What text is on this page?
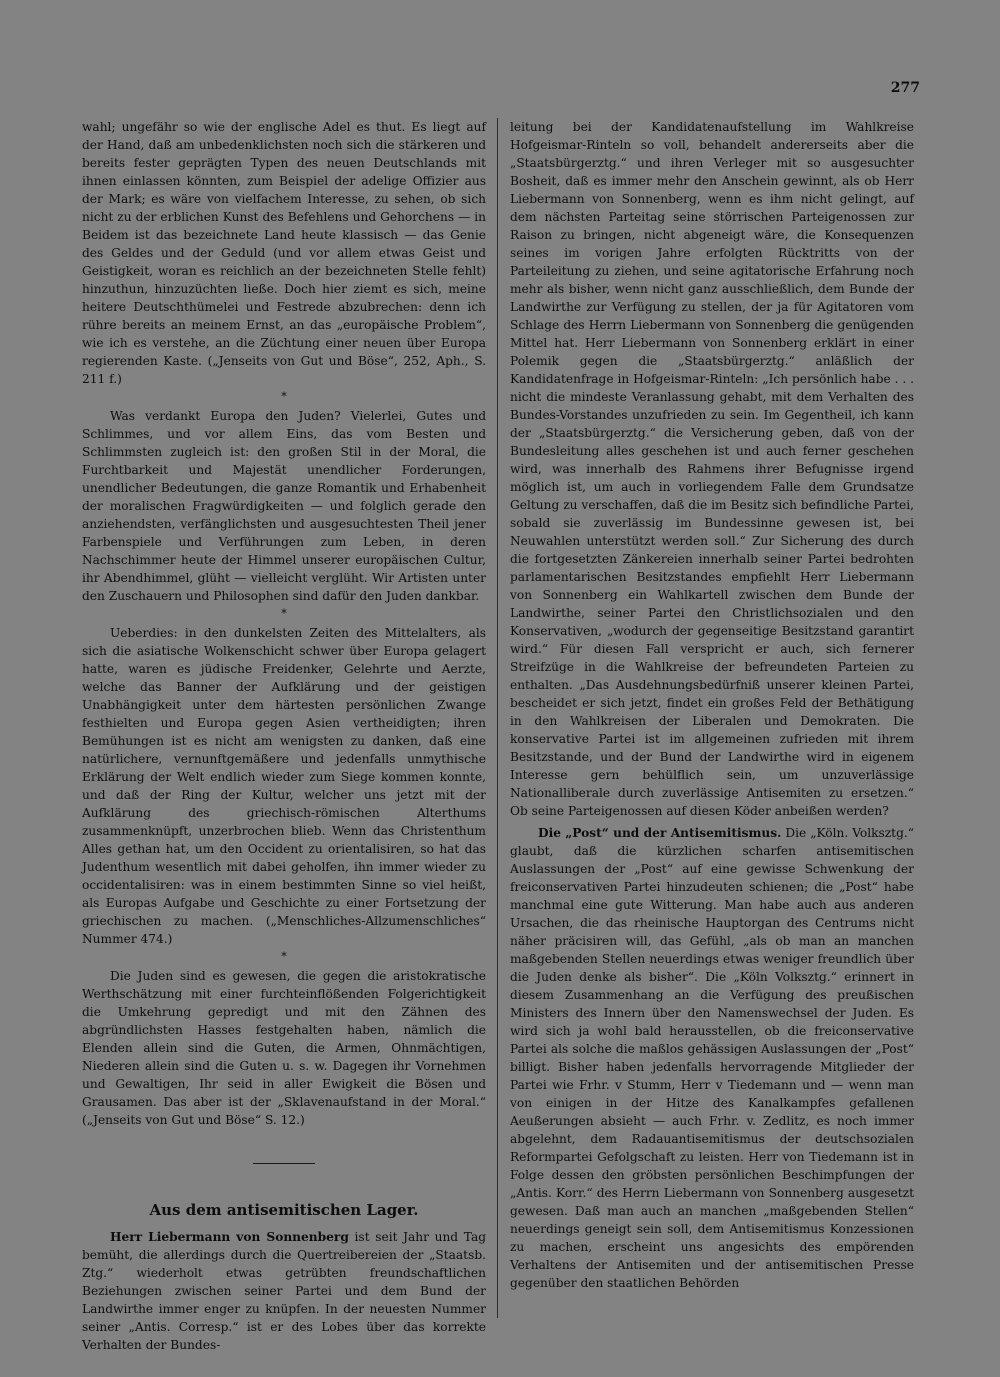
277

wahl; ungefähr so wie der englische Adel es thut. Es liegt auf der Hand, daß am unbedenklichsten noch sich die stärkeren und bereits fester geprägten Typen des neuen Deutschlands mit ihnen einlassen könnten, zum Beispiel der adelige Offizier aus der Mark; es wäre von vielfachem Interesse, zu sehen, ob sich nicht zu der erblichen Kunst des Befehlens und Gehorchens — in Beidem ist das bezeichnete Land heute klassisch — das Genie des Geldes und der Geduld (und vor allem etwas Geist und Geistigkeit, woran es reichlich an der bezeichneten Stelle fehlt) hinzuthun, hinzuzüchten ließe. Doch hier ziemt es sich, meine heitere Deutschthümelei und Festrede abzubrechen: denn ich rühre bereits an meinem Ernst, an das „europäische Problem“, wie ich es verstehe, an die Züchtung einer neuen über Europa regierenden Kaste. („Jenseits von Gut und Böse“, 252, Aph., S. 211 f.)

*

Was verdankt Europa den Juden? Vielerlei, Gutes und Schlimmes, und vor allem Eins, das vom Besten und Schlimmsten zugleich ist: den großen Stil in der Moral, die Furchtbarkeit und Majestät unendlicher Forderungen, unendlicher Bedeutungen, die ganze Romantik und Erhabenheit der moralischen Fragwürdigkeiten — und folglich gerade den anziehendsten, verfänglichsten und ausgesuchtesten Theil jener Farbenspiele und Verführungen zum Leben, in deren Nachschimmer heute der Himmel unserer europäischen Cultur, ihr Abendhimmel, glüht — vielleicht verglüht. Wir Artisten unter den Zuschauern und Philosophen sind dafür den Juden dankbar.

*

Ueberdies: in den dunkelsten Zeiten des Mittelalters, als sich die asiatische Wolkenschicht schwer über Europa gelagert hatte, waren es jüdische Freidenker, Gelehrte und Aerzte, welche das Banner der Aufklärung und der geistigen Unabhängigkeit unter dem härtesten persönlichen Zwange festhielten und Europa gegen Asien vertheidigten; ihren Bemühungen ist es nicht am wenigsten zu danken, daß eine natürlichere, vernunftgemäßere und jedenfalls unmythische Erklärung der Welt endlich wieder zum Siege kommen konnte, und daß der Ring der Kultur, welcher uns jetzt mit der Aufklärung des griechisch-römischen Alterthums zusammenknüpft, unzerbrochen blieb. Wenn das Christenthum Alles gethan hat, um den Occident zu orientalisiren, so hat das Judenthum wesentlich mit dabei geholfen, ihn immer wieder zu occidentalisiren: was in einem bestimmten Sinne so viel heißt, als Europas Aufgabe und Geschichte zu einer Fortsetzung der griechischen zu machen. („Menschliches-Allzumenschliches“ Nummer 474.)

*

Die Juden sind es gewesen, die gegen die aristokratische Werthschätzung mit einer furchteinflößenden Folgerichtigkeit die Umkehrung gepredigt und mit den Zähnen des abgründlichsten Hasses festgehalten haben, nämlich die Elenden allein sind die Guten, die Armen, Ohnmächtigen, Niederen allein sind die Guten u. s. w. Dagegen ihr Vornehmen und Gewaltigen, Ihr seid in aller Ewigkeit die Bösen und Grausamen. Das aber ist der „Sklavenaufstand in der Moral.“ („Jenseits von Gut und Böse“ S. 12.)

Aus dem antisemitischen Lager.

Herr Liebermann von Sonnenberg ist seit Jahr und Tag bemüht, die allerdings durch die Quertreibereien der „Staatsb. Ztg.“ wiederholt etwas getrübten freundschaftlichen Beziehungen zwischen seiner Partei und dem Bund der Landwirthe immer enger zu knüpfen. In der neuesten Nummer seiner „Antis. Corresp.“ ist er des Lobes über das korrekte Verhalten der Bundes-

leitung bei der Kandidatenaufstellung im Wahlkreise Hofgeismar-Rinteln so voll, behandelt andererseits aber die „Staatsbürgerztg.“ und ihren Verleger mit so ausgesuchter Bosheit, daß es immer mehr den Anschein gewinnt, als ob Herr Liebermann von Sonnenberg, wenn es ihm nicht gelingt, auf dem nächsten Parteitag seine störrischen Parteigenossen zur Raison zu bringen, nicht abgeneigt wäre, die Konsequenzen seines im vorigen Jahre erfolgten Rücktritts von der Parteileitung zu ziehen, und seine agitatorische Erfahrung noch mehr als bisher, wenn nicht ganz ausschließlich, dem Bunde der Landwirthe zur Verfügung zu stellen, der ja für Agitatoren vom Schlage des Herrn Liebermann von Sonnenberg die genügenden Mittel hat. Herr Liebermann von Sonnenberg erklärt in einer Polemik gegen die „Staatsbürgerztg.“ anläßlich der Kandidatenfrage in Hofgeismar-Rinteln: „Ich persönlich habe . . . nicht die mindeste Veranlassung gehabt, mit dem Verhalten des Bundes-Vorstandes unzufrieden zu sein. Im Gegentheil, ich kann der „Staatsbürgerztg.“ die Versicherung geben, daß von der Bundesleitung alles geschehen ist und auch ferner geschehen wird, was innerhalb des Rahmens ihrer Befugnisse irgend möglich ist, um auch in vorliegendem Falle dem Grundsatze Geltung zu verschaffen, daß die im Besitz sich befindliche Partei, sobald sie zuverlässig im Bundessinne gewesen ist, bei Neuwahlen unterstützt werden soll.“ Zur Sicherung des durch die fortgesetzten Zänkereien innerhalb seiner Partei bedrohten parlamentarischen Besitzstandes empfiehlt Herr Liebermann von Sonnenberg ein Wahlkartell zwischen dem Bunde der Landwirthe, seiner Partei den Christlichsozialen und den Konservativen, „wodurch der gegenseitige Besitzstand garantirt wird.“ Für diesen Fall verspricht er auch, sich fernerer Streifzüge in die Wahlkreise der befreundeten Parteien zu enthalten. „Das Ausdehnungsbedürfniß unserer kleinen Partei, bescheidet er sich jetzt, findet ein großes Feld der Bethätigung in den Wahlkreisen der Liberalen und Demokraten. Die konservative Partei ist im allgemeinen zufrieden mit ihrem Besitzstande, und der Bund der Landwirthe wird in eigenem Interesse gern behülflich sein, um unzuverlässige Nationalliberale durch zuverlässige Antisemiten zu ersetzen.“ Ob seine Parteigenossen auf diesen Köder anbeißen werden?

Die „Post“ und der Antisemitismus. Die „Köln. Volksztg.“ glaubt, daß die kürzlichen scharfen antisemitischen Auslassungen der „Post“ auf eine gewisse Schwenkung der freiconservativen Partei hinzudeuten schienen; die „Post“ habe manchmal eine gute Witterung. Man habe auch aus anderen Ursachen, die das rheinische Hauptorgan des Centrums nicht näher präcisiren will, das Gefühl, „als ob man an manchen maßgebenden Stellen neuerdings etwas weniger freundlich über die Juden denke als bisher“. Die „Köln Volksztg.“ erinnert in diesem Zusammenhang an die Verfügung des preußischen Ministers des Innern über den Namenswechsel der Juden. Es wird sich ja wohl bald herausstellen, ob die freiconservative Partei als solche die maßlos gehässigen Auslassungen der „Post“ billigt. Bisher haben jedenfalls hervorragende Mitglieder der Partei wie Frhr. v Stumm, Herr v Tiedemann und — wenn man von einigen in der Hitze des Kanalkampfes gefallenen Aeußerungen absieht — auch Frhr. v. Zedlitz, es noch immer abgelehnt, dem Radauantisemitismus der deutschsozialen Reformpartei Gefolgschaft zu leisten. Herr von Tiedemann ist in Folge dessen den gröbsten persönlichen Beschimpfungen der „Antis. Korr.“ des Herrn Liebermann von Sonnenberg ausgesetzt gewesen. Daß man auch an manchen „maßgebenden Stellen“ neuerdings geneigt sein soll, dem Antisemitismus Konzessionen zu machen, erscheint uns angesichts des empörenden Verhaltens der Antisemiten und der antisemitischen Presse gegenüber den staatlichen Behörden
